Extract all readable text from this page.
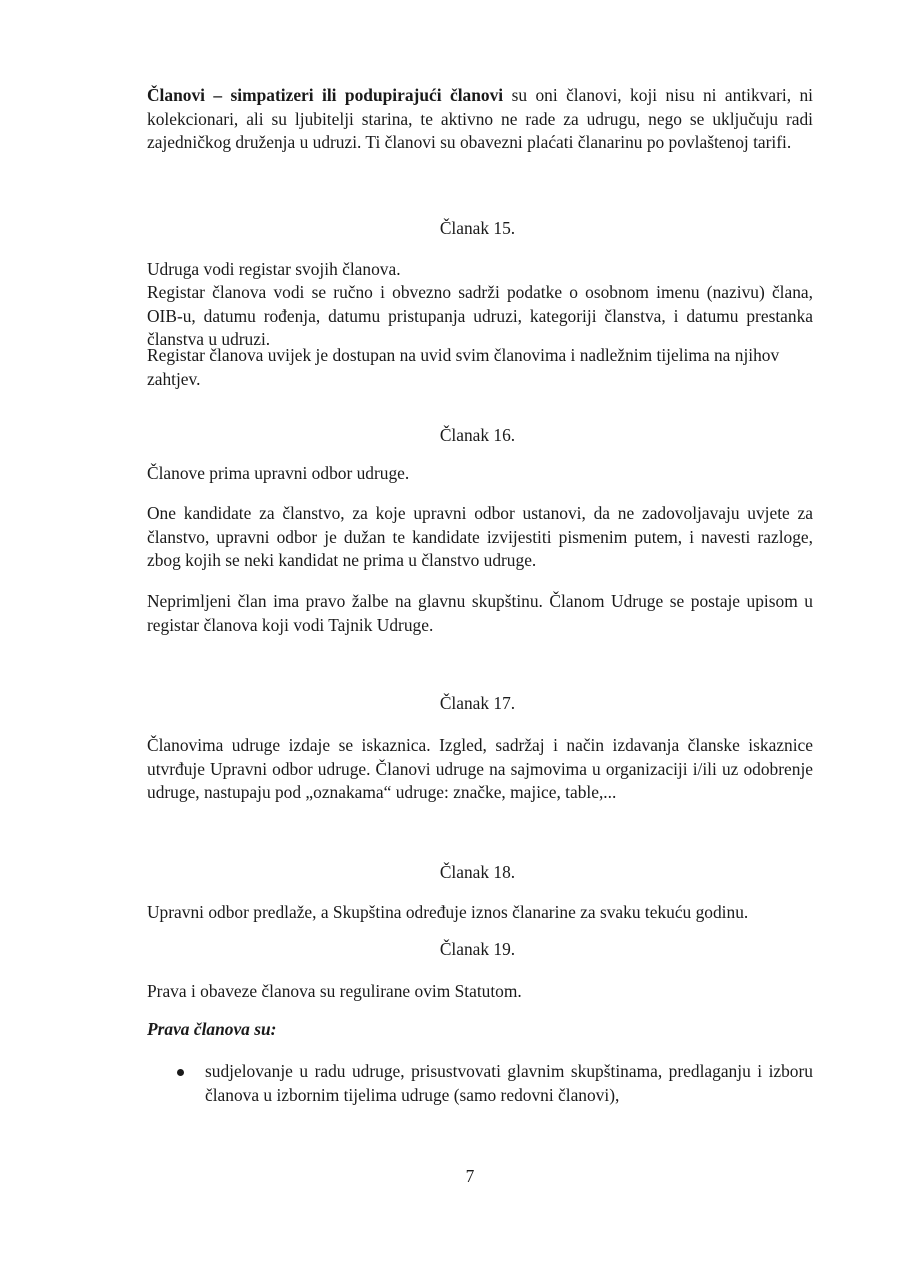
Članovi – simpatizeri ili podupirajući članovi su oni članovi, koji nisu ni antikvari, ni kolekcionari, ali su ljubitelji starina, te aktivno ne rade za udrugu, nego se uključuju radi zajedničkog druženja u udruzi. Ti članovi su obavezni plaćati članarinu po povlaštenoj tarifi.

Članak 15.

Udruga vodi registar svojih članova.

Registar članova vodi se ručno i obvezno sadrži podatke o osobnom imenu (nazivu) člana, OIB-u, datumu rođenja, datumu pristupanja udruzi, kategoriji članstva, i datumu prestanka članstva u udruzi.

Registar članova uvijek je dostupan na uvid svim članovima i nadležnim tijelima na njihov zahtjev.

Članak 16.

Članove prima upravni odbor udruge.

One kandidate za članstvo, za koje upravni odbor ustanovi, da ne zadovoljavaju uvjete za članstvo, upravni odbor je dužan te kandidate izvijestiti pismenim putem, i navesti razloge, zbog kojih se neki kandidat ne prima u članstvo udruge.

Neprimljeni član ima pravo žalbe na glavnu skupštinu. Članom Udruge se postaje upisom u registar članova koji vodi Tajnik Udruge.

Članak 17.

Članovima udruge izdaje se iskaznica. Izgled, sadržaj i način izdavanja članske iskaznice utvrđuje Upravni odbor udruge. Članovi udruge na sajmovima u organizaciji i/ili uz odobrenje udruge, nastupaju pod „oznakama“ udruge: značke, majice, table,...

Članak 18.

Upravni odbor predlaže, a Skupština određuje iznos članarine za svaku tekuću godinu.

Članak 19.

Prava i obaveze članova su regulirane ovim Statutom.

Prava članova su:

sudjelovanje u radu udruge, prisustvovati glavnim skupštinama, predlaganju i izboru članova u izbornim tijelima udruge (samo redovni članovi),

7
